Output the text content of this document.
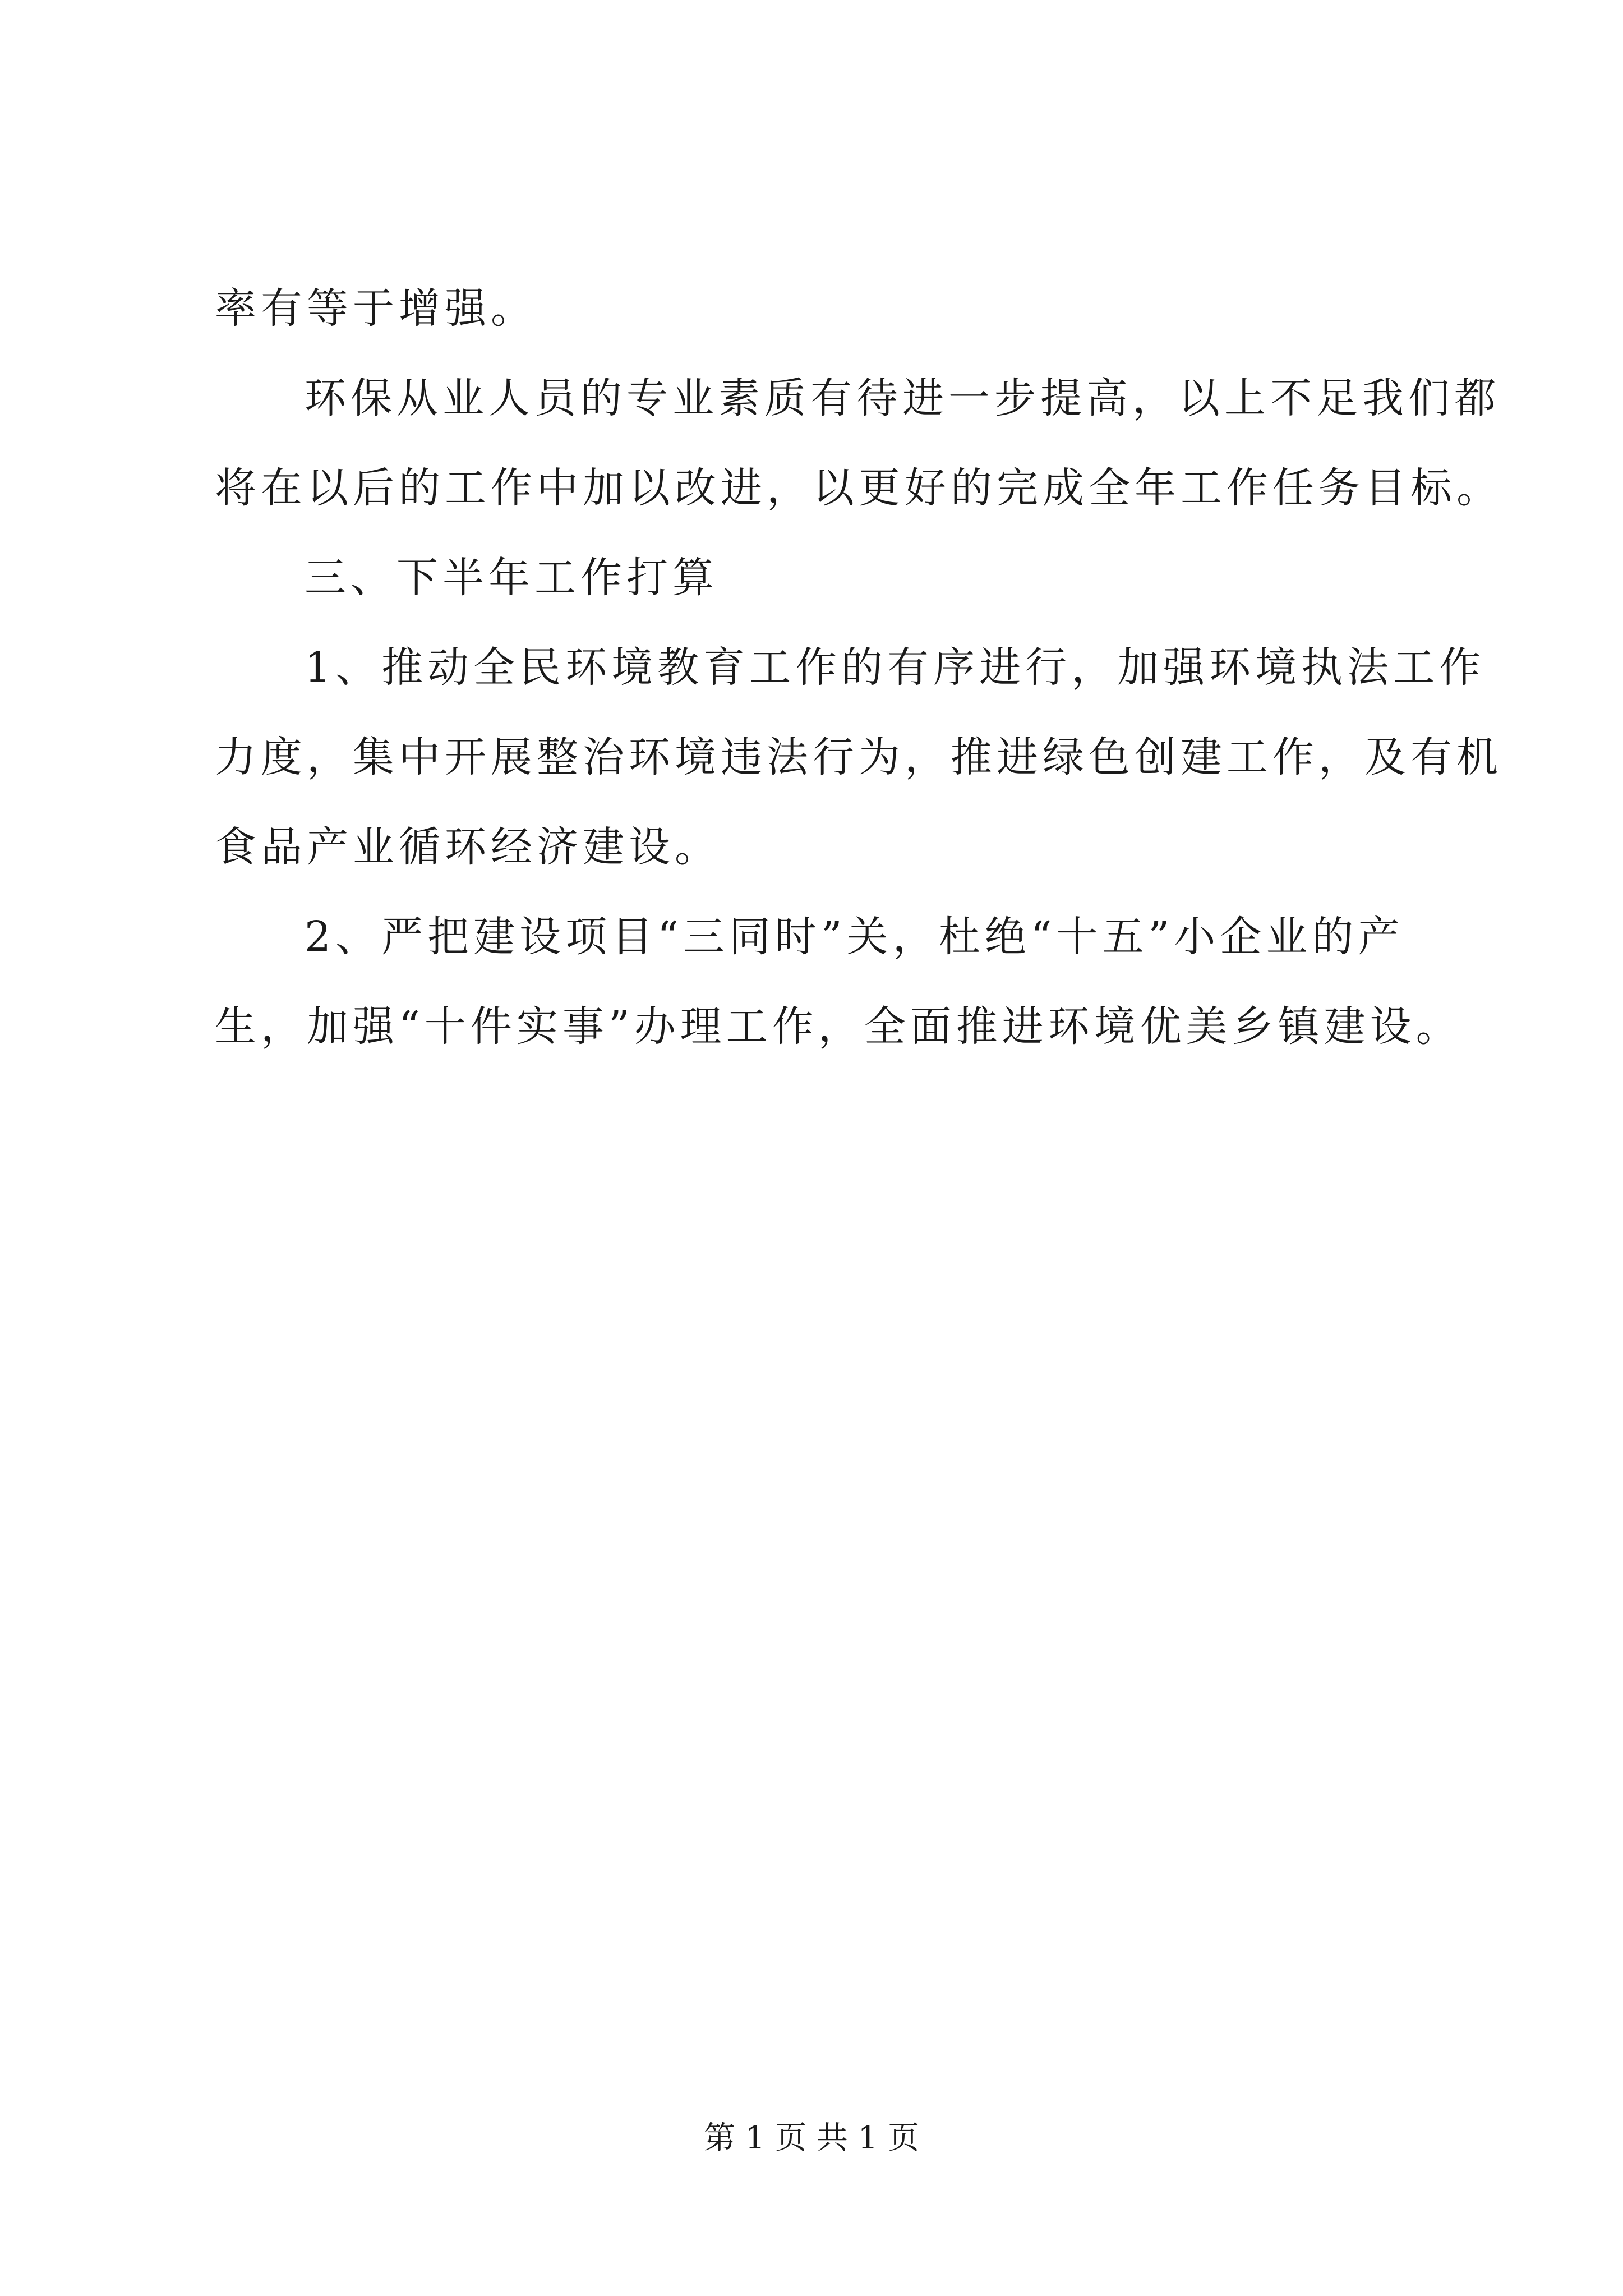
率有等于增强。
环保从业人员的专业素质有待进一步提高，以上不足我们都
将在以后的工作中加以改进，以更好的完成全年工作任务目标。
三、下半年工作打算
1、推动全民环境教育工作的有序进行，加强环境执法工作
力度，集中开展整治环境违法行为，推进绿色创建工作，及有机
食品产业循环经济建设。
2、严把建设项目“三同时”关，杜绝“十五”小企业的产
生，加强“十件实事”办理工作，全面推进环境优美乡镇建设。
第 1 页 共 1 页
